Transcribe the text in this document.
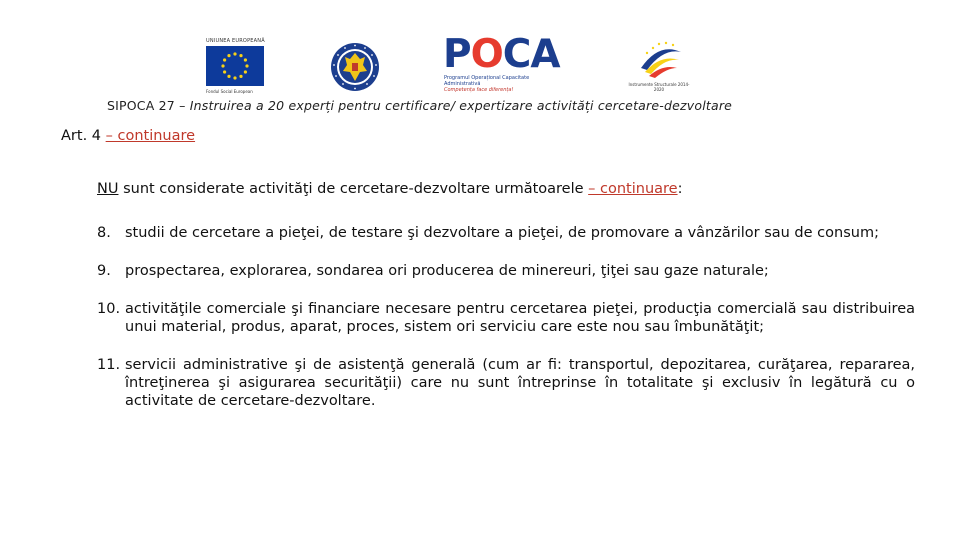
UNIUNEA EUROPEANĂ
Fondul Social European
POCA
Programul Operațional Capacitate Administrativă
Competența face diferența!
Instrumente Structurale 2014-2020
SIPOCA 27 – Instruirea a 20 experți pentru certificare/ expertizare activități cercetare-dezvoltare
Art. 4 – continuare
NU sunt considerate activităţi de cercetare-dezvoltare următoarele – continuare:
8. studii de cercetare a pieţei, de testare şi dezvoltare a pieţei, de promovare a vânzărilor sau de consum;
9. prospectarea, explorarea, sondarea ori producerea de minereuri, ţiţei sau gaze naturale;
10. activităţile comerciale şi financiare necesare pentru cercetarea pieţei, producţia comercială sau distribuirea unui material, produs, aparat, proces, sistem ori serviciu care este nou sau îmbunătăţit;
11. servicii administrative şi de asistenţă generală (cum ar fi: transportul, depozitarea, curăţarea, repararea, întreţinerea şi asigurarea securităţii) care nu sunt întreprinse în totalitate şi exclusiv în legătură cu o activitate de cercetare-dezvoltare.
